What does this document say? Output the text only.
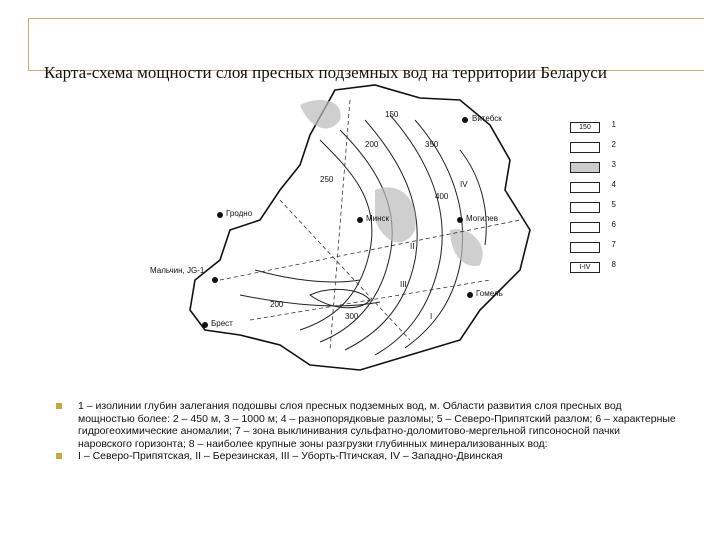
Карта-схема мощности слоя пресных подземных вод на территории Беларуси
Витебск
Гродно
Минск	Могилев
Гомель
Брест
Мальчин, JG-1
IV
II
III
I
150
200
200
250
300
350
400
150	1
2
3
4
5
6
7
I-IV	8
1 – изолинии глубин залегания подошвы слоя пресных подземных вод, м. Области развития слоя пресных вод мощностью более: 2 – 450 м, 3 – 1000 м; 4 – разнопорядковые разломы; 5 – Северо-Припятский разлом; 6 – характерные гидрогеохимические аномалии; 7 – зона выклинивания сульфатно-доломитово-мергельной гипсоносной пачки наровского горизонта; 8 – наиболее крупные зоны разгрузки глубинных минерализованных вод:
I – Северо-Припятская, II – Березинская, III – Уборть-Птичская, IV – Западно-Двинская
